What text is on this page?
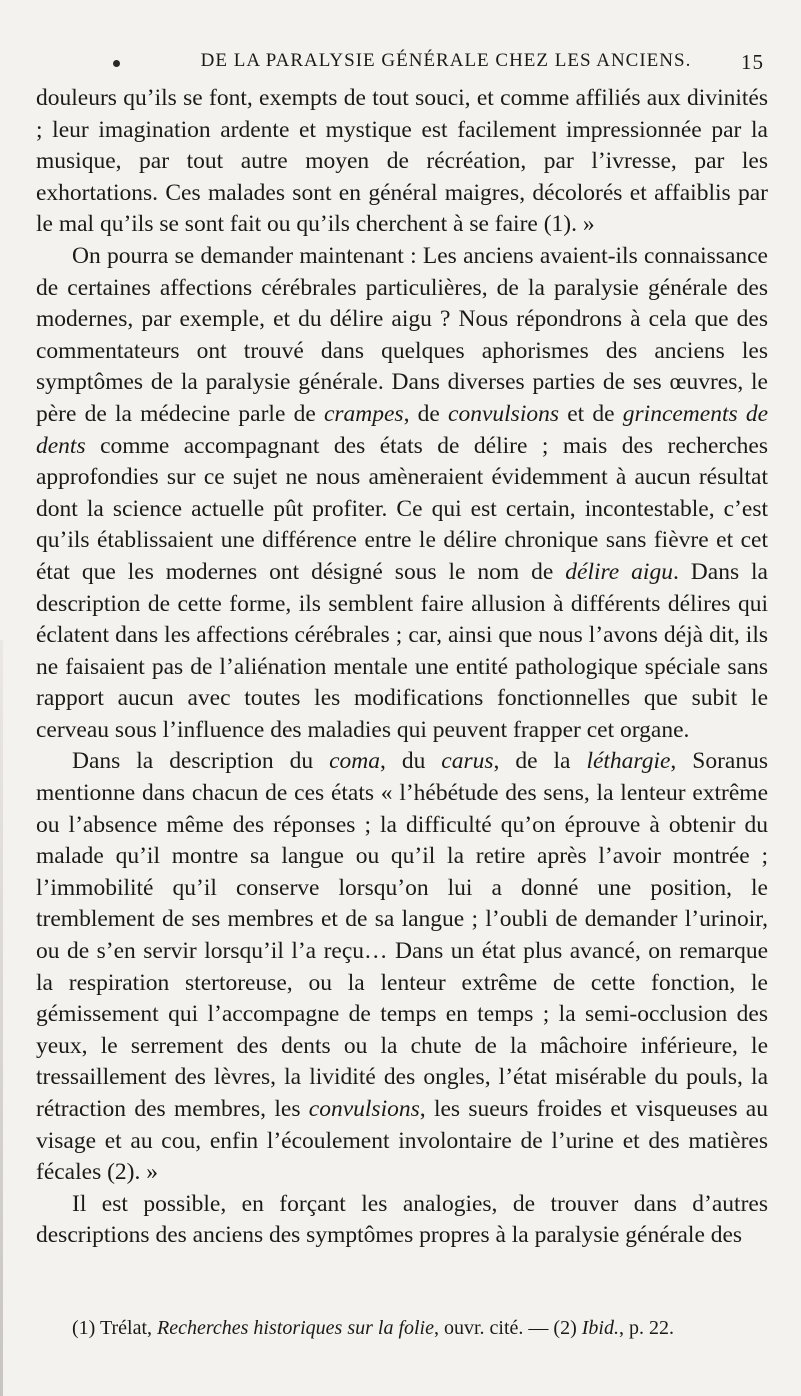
DE LA PARALYSIE GÉNÉRALE CHEZ LES ANCIENS.	15

douleurs qu’ils se font, exempts de tout souci, et comme affiliés aux divinités ; leur imagination ardente et mystique est facilement impressionnée par la musique, par tout autre moyen de récréation, par l’ivresse, par les exhortations. Ces malades sont en général maigres, décolorés et affaiblis par le mal qu’ils se sont fait ou qu’ils cherchent à se faire (1). »

On pourra se demander maintenant : Les anciens avaient-ils connaissance de certaines affections cérébrales particulières, de la paralysie générale des modernes, par exemple, et du délire aigu ? Nous répondrons à cela que des commentateurs ont trouvé dans quelques aphorismes des anciens les symptômes de la paralysie générale. Dans diverses parties de ses œuvres, le père de la médecine parle de crampes, de convulsions et de grincements de dents comme accompagnant des états de délire ; mais des recherches approfondies sur ce sujet ne nous amèneraient évidemment à aucun résultat dont la science actuelle pût profiter. Ce qui est certain, incontestable, c’est qu’ils établissaient une différence entre le délire chronique sans fièvre et cet état que les modernes ont désigné sous le nom de délire aigu. Dans la description de cette forme, ils semblent faire allusion à différents délires qui éclatent dans les affections cérébrales ; car, ainsi que nous l’avons déjà dit, ils ne faisaient pas de l’aliénation mentale une entité pathologique spéciale sans rapport aucun avec toutes les modifications fonctionnelles que subit le cerveau sous l’influence des maladies qui peuvent frapper cet organe.

Dans la description du coma, du carus, de la léthargie, Soranus mentionne dans chacun de ces états « l’hébétude des sens, la lenteur extrême ou l’absence même des réponses ; la difficulté qu’on éprouve à obtenir du malade qu’il montre sa langue ou qu’il la retire après l’avoir montrée ; l’immobilité qu’il conserve lorsqu’on lui a donné une position, le tremblement de ses membres et de sa langue ; l’oubli de demander l’urinoir, ou de s’en servir lorsqu’il l’a reçu… Dans un état plus avancé, on remarque la respiration stertoreuse, ou la lenteur extrême de cette fonction, le gémissement qui l’accompagne de temps en temps ; la semi-occlusion des yeux, le serrement des dents ou la chute de la mâchoire inférieure, le tressaillement des lèvres, la lividité des ongles, l’état misérable du pouls, la rétraction des membres, les convulsions, les sueurs froides et visqueuses au visage et au cou, enfin l’écoulement involontaire de l’urine et des matières fécales (2). »

Il est possible, en forçant les analogies, de trouver dans d’autres descriptions des anciens des symptômes propres à la paralysie générale des

(1) Trélat, Recherches historiques sur la folie, ouvr. cité. — (2) Ibid., p. 22.
